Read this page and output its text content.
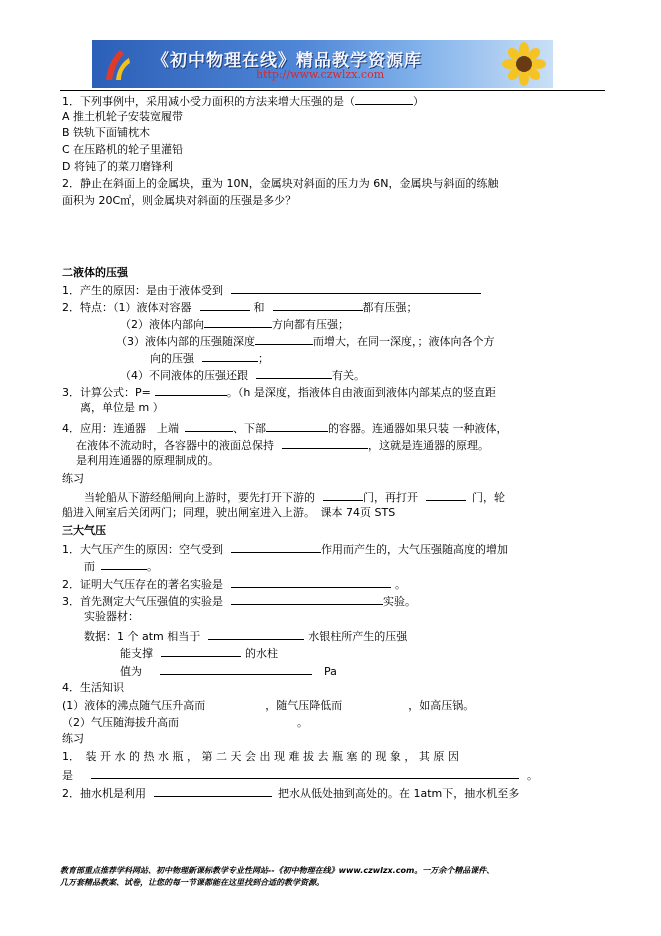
《初中物理在线》精品教学资源库
http://www.czwlzx.com
1．下列事例中，采用减小受力面积的方法来增大压强的是（	）
A 推土机轮子安装宽履带
B 铁轨下面铺枕木
C 在压路机的轮子里灌铅
D 将钝了的菜刀磨锋利
2．静止在斜面上的金属块，重为 10N，金属块对斜面的压力为 6N，金属块与斜面的练触
面积为 20C㎡，则金属块对斜面的压强是多少？
二液体的压强
1．产生的原因：是由于液体受到
2．特点：（1）液体对容器	和	都有压强；
（2）液体内部向	方向都有压强；
（3）液体内部的压强随深度	而增大，在同一深度，；液体向各个方
向的压强	；
（4）不同液体的压强还跟	有关。
3．计算公式：P=	。（h 是深度，指液体自由液面到液体内部某点的竖直距
离，单位是 m ）
4．应用：连通器　上端	、下部	的容器。连通器如果只装 一种液体，
在液体不流动时，各容器中的液面总保持	，这就是连通器的原理。
是利用连通器的原理制成的。
练习
当轮船从下游经船闸向上游时，要先打开下游的	门，再打开	门，轮
船进入闸室后关闭两门；同理，驶出闸室进入上游。　课本 74页 STS
三大气压
1．大气压产生的原因：空气受到	作用而产生的，大气压强随高度的增加
而	。
2．证明大气压存在的著名实验是	。
3．首先测定大气压强值的实验是	实验。
实验器材：
数据：1 个 atm 相当于	水银柱所产生的压强
能支撑	的水柱
值为	Pa
4．生活知识
(1）液体的沸点随气压升高而	，随气压降低而	，如高压锅。
（2）气压随海拔升高而	。
练习
1．　装 开 水 的 热 水 瓶 ， 第 二 天 会 出 现 难 拔 去 瓶 塞 的 现 象 ， 其 原 因
是	。
2．抽水机是利用	把水从低处抽到高处的。在 1atm下，抽水机至多
教育部重点推荐学科网站、初中物理新课标教学专业性网站--《初中物理在线》www.czwlzx.com。一万余个精品课件、
几万套精品教案、试卷，让您的每一节课都能在这里找到合适的教学资源。
